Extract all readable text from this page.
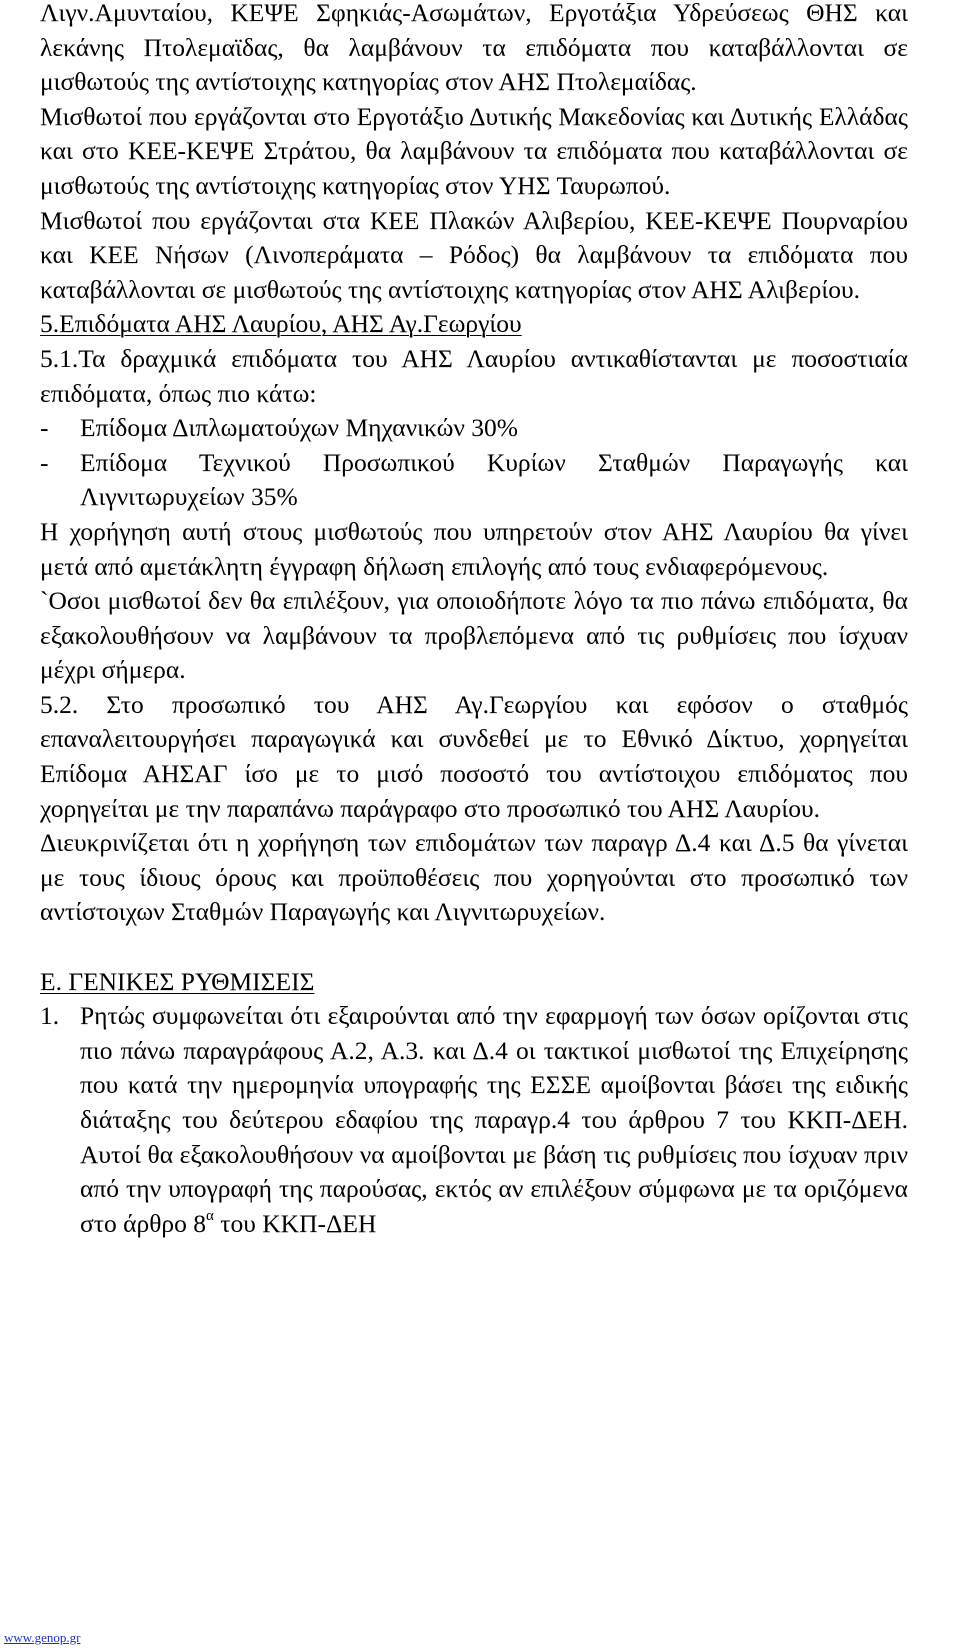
Λιγν.Αμυνταίου, ΚΕΨΕ Σφηκιάς-Ασωμάτων, Εργοτάξια Υδρεύσεως ΘΗΣ και λεκάνης Πτολεμαϊδας, θα λαμβάνουν τα επιδόματα που καταβάλλονται σε μισθωτούς της αντίστοιχης κατηγορίας στον ΑΗΣ Πτολεμαίδας.

Μισθωτοί που εργάζονται στο Εργοτάξιο Δυτικής Μακεδονίας και Δυτικής Ελλάδας και στο ΚΕΕ-ΚΕΨΕ Στράτου, θα λαμβάνουν τα επιδόματα που καταβάλλονται σε μισθωτούς της αντίστοιχης κατηγορίας στον ΥΗΣ Ταυρωπού.

Μισθωτοί που εργάζονται στα ΚΕΕ Πλακών Αλιβερίου, ΚΕΕ-ΚΕΨΕ Πουρναρίου και ΚΕΕ Νήσων (Λινοπεράματα – Ρόδος) θα λαμβάνουν τα επιδόματα που καταβάλλονται σε μισθωτούς της αντίστοιχης κατηγορίας στον ΑΗΣ Αλιβερίου.

5.Επιδόματα ΑΗΣ Λαυρίου, ΑΗΣ Αγ.Γεωργίου

5.1.Τα δραχμικά επιδόματα του ΑΗΣ Λαυρίου αντικαθίστανται με ποσοστιαία επιδόματα, όπως πιο κάτω:

-	Επίδομα Διπλωματούχων Μηχανικών 30%
-	Επίδομα Τεχνικού Προσωπικού Κυρίων Σταθμών Παραγωγής και Λιγνιτωρυχείων 35%

Η χορήγηση αυτή στους μισθωτούς που υπηρετούν στον ΑΗΣ Λαυρίου θα γίνει μετά από αμετάκλητη έγγραφη δήλωση επιλογής από τους ενδιαφερόμενους.

`Οσοι μισθωτοί δεν θα επιλέξουν, για οποιοδήποτε λόγο τα πιο πάνω επιδόματα, θα εξακολουθήσουν να λαμβάνουν τα προβλεπόμενα από τις ρυθμίσεις που ίσχυαν μέχρι σήμερα.

5.2. Στο προσωπικό του ΑΗΣ Αγ.Γεωργίου και εφόσον ο σταθμός επαναλειτουργήσει παραγωγικά και συνδεθεί με το Εθνικό Δίκτυο, χορηγείται Επίδομα ΑΗΣΑΓ ίσο με το μισό ποσοστό του αντίστοιχου επιδόματος που χορηγείται με την παραπάνω παράγραφο στο προσωπικό του ΑΗΣ Λαυρίου.

Διευκρινίζεται ότι η χορήγηση των επιδομάτων των παραγρ Δ.4 και Δ.5 θα γίνεται με τους ίδιους όρους και προϋποθέσεις που χορηγούνται στο προσωπικό των αντίστοιχων Σταθμών Παραγωγής και Λιγνιτωρυχείων.

Ε. ΓΕΝΙΚΕΣ ΡΥΘΜΙΣΕΙΣ

1. Ρητώς συμφωνείται ότι εξαιρούνται από την εφαρμογή των όσων ορίζονται στις πιο πάνω παραγράφους Α.2, Α.3. και Δ.4 οι τακτικοί μισθωτοί της Επιχείρησης που κατά την ημερομηνία υπογραφής της ΕΣΣΕ αμοίβονται βάσει της ειδικής διάταξης του δεύτερου εδαφίου της παραγρ.4 του άρθρου 7 του ΚΚΠ-ΔΕΗ. Αυτοί θα εξακολουθήσουν να αμοίβονται με βάση τις ρυθμίσεις που ίσχυαν πριν από την υπογραφή της παρούσας, εκτός αν επιλέξουν σύμφωνα με τα οριζόμενα στο άρθρο $8^\alpha$ του ΚΚΠ-ΔΕΗ
www.genop.gr
